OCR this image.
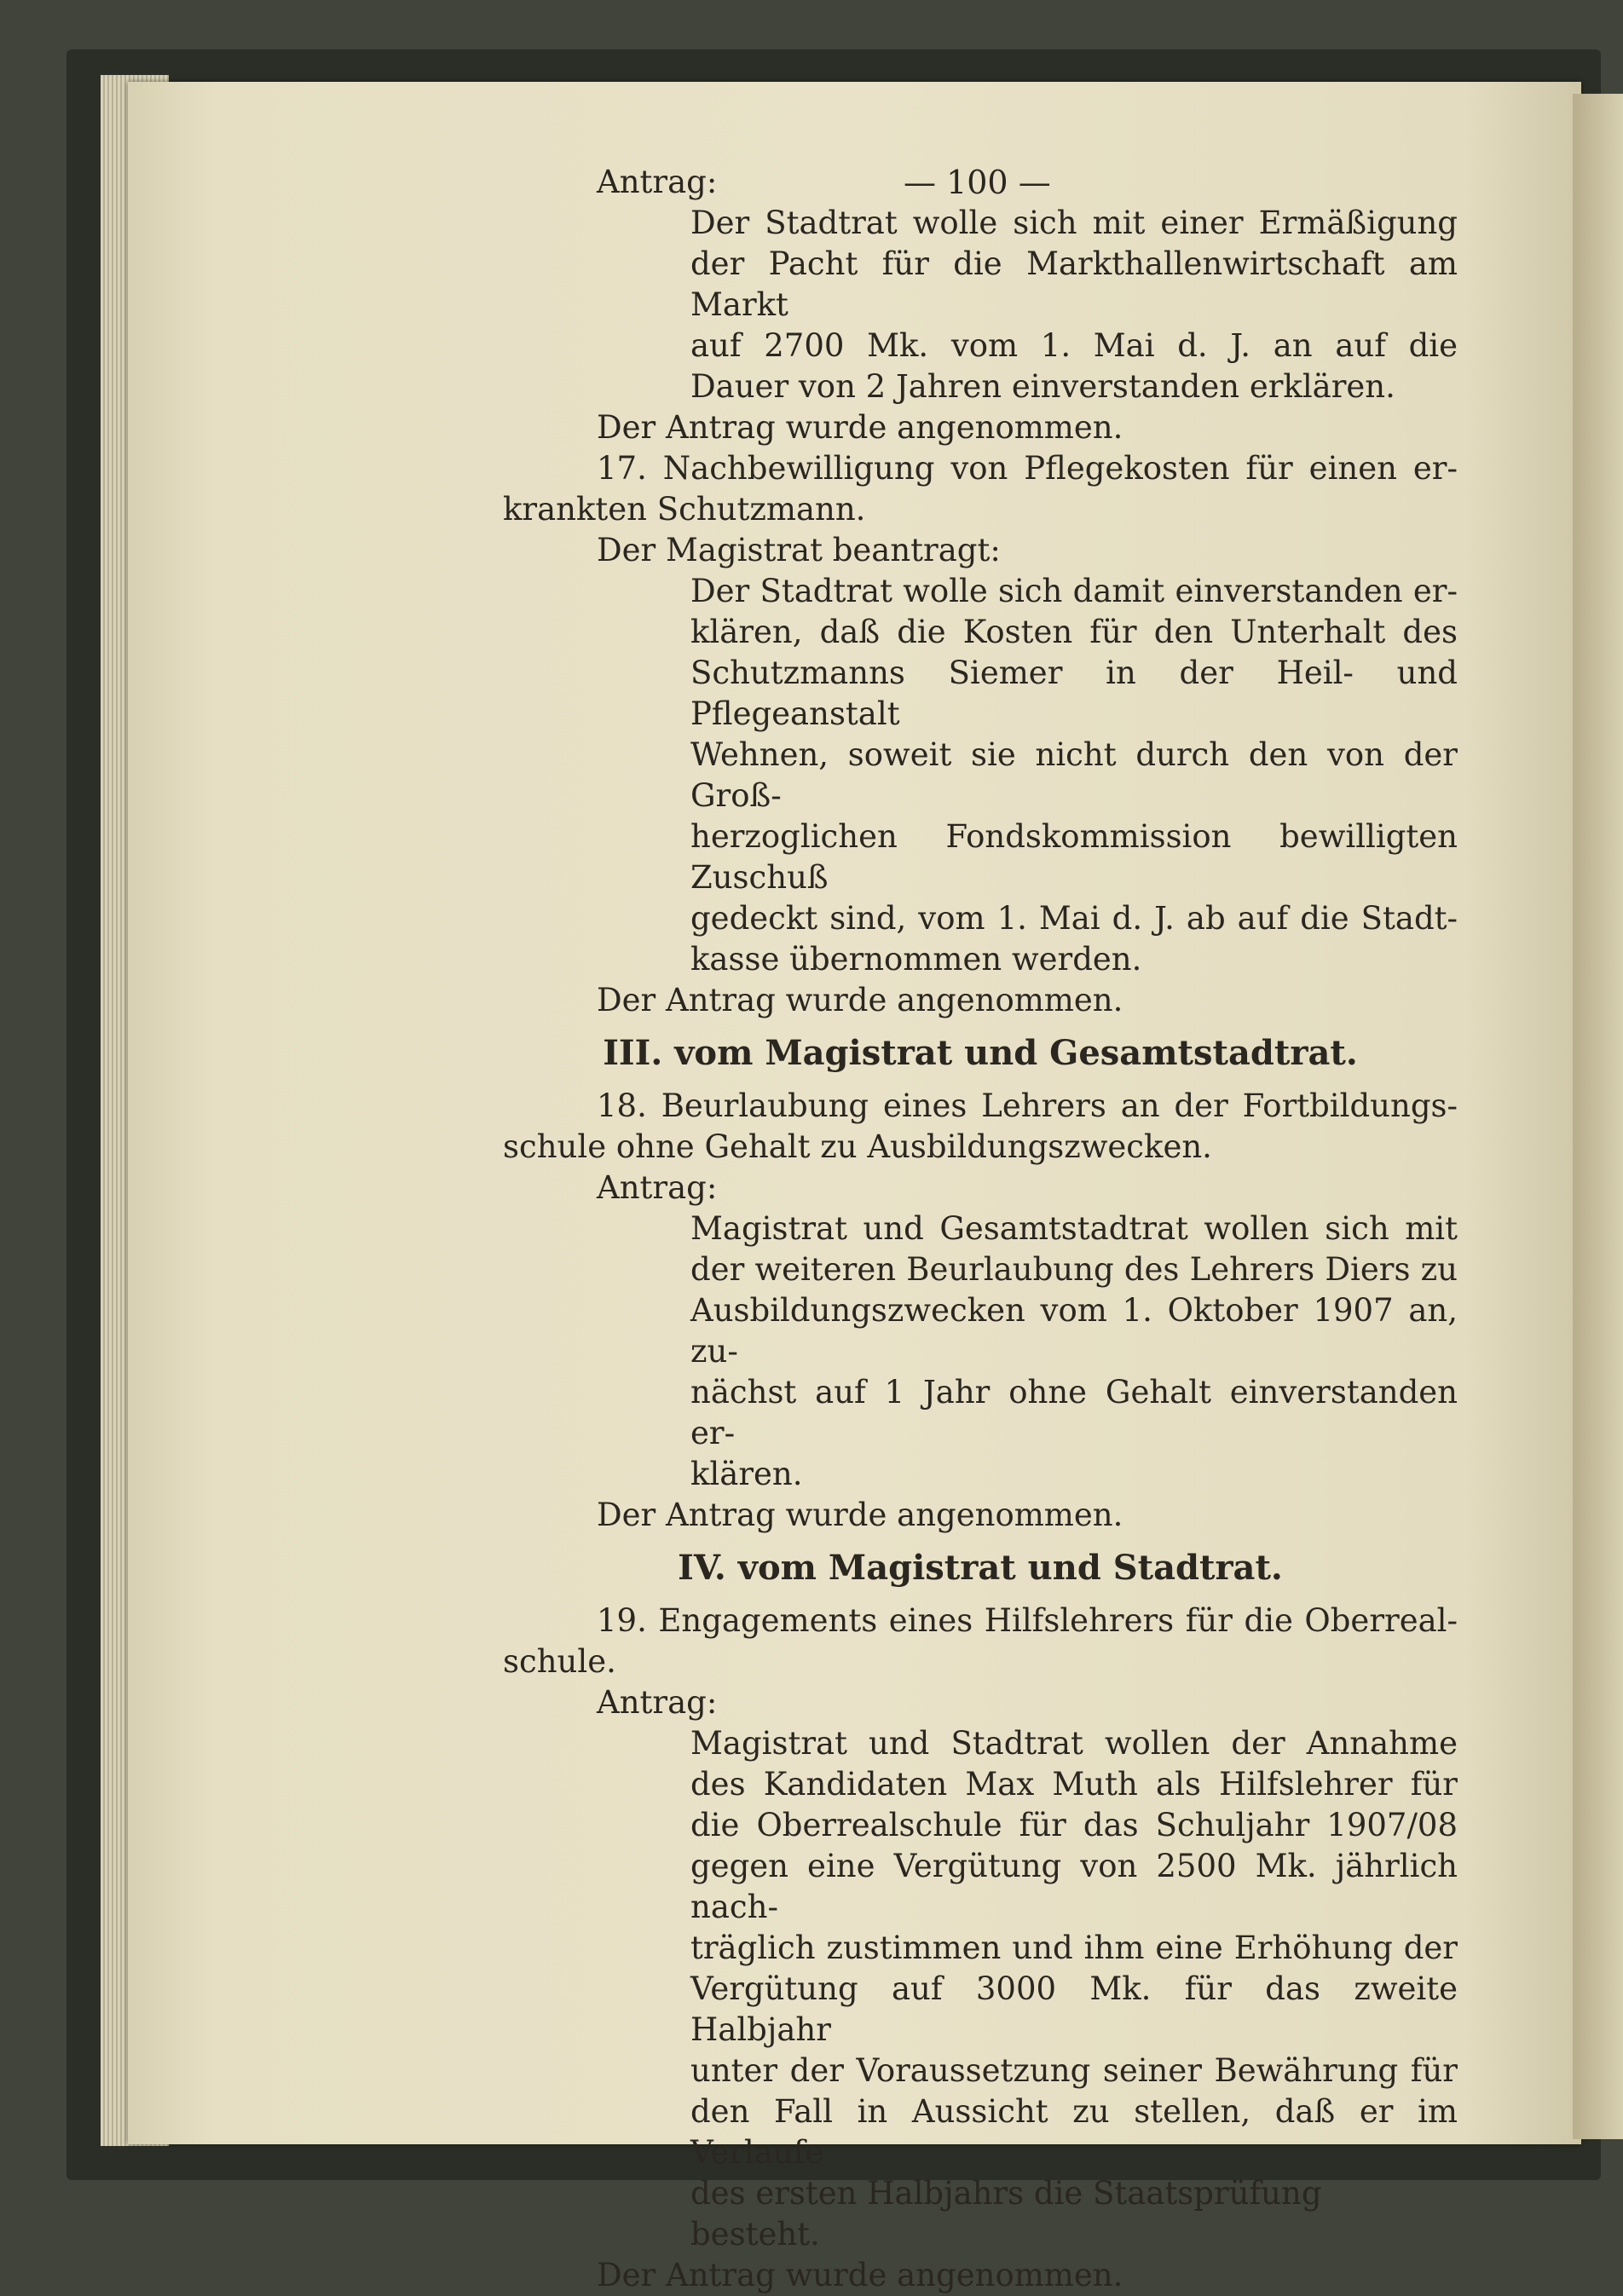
— 100 —

Antrag:

Der Stadtrat wolle sich mit einer Ermäßigung

der Pacht für die Markthallenwirtschaft am Markt

auf 2700 Mk. vom 1. Mai d. J. an auf die

Dauer von 2 Jahren einverstanden erklären.

Der Antrag wurde angenommen.

17. Nachbewilligung von Pflegekosten für einen er-

krankten Schutzmann.

Der Magistrat beantragt:

Der Stadtrat wolle sich damit einverstanden er-

klären, daß die Kosten für den Unterhalt des

Schutzmanns Siemer in der Heil- und Pflegeanstalt

Wehnen, soweit sie nicht durch den von der Groß-

herzoglichen Fondskommission bewilligten Zuschuß

gedeckt sind, vom 1. Mai d. J. ab auf die Stadt-

kasse übernommen werden.

Der Antrag wurde angenommen.

III. vom Magistrat und Gesamtstadtrat.

18. Beurlaubung eines Lehrers an der Fortbildungs-

schule ohne Gehalt zu Ausbildungszwecken.

Antrag:

Magistrat und Gesamtstadtrat wollen sich mit

der weiteren Beurlaubung des Lehrers Diers zu

Ausbildungszwecken vom 1. Oktober 1907 an, zu-

nächst auf 1 Jahr ohne Gehalt einverstanden er-

klären.

Der Antrag wurde angenommen.

IV. vom Magistrat und Stadtrat.

19. Engagements eines Hilfslehrers für die Oberreal-

schule.

Antrag:

Magistrat und Stadtrat wollen der Annahme

des Kandidaten Max Muth als Hilfslehrer für

die Oberrealschule für das Schuljahr 1907/08

gegen eine Vergütung von 2500 Mk. jährlich nach-

träglich zustimmen und ihm eine Erhöhung der

Vergütung auf 3000 Mk. für das zweite Halbjahr

unter der Voraussetzung seiner Bewährung für

den Fall in Aussicht zu stellen, daß er im Verlaufe

des ersten Halbjahrs die Staatsprüfung besteht.

Der Antrag wurde angenommen.
